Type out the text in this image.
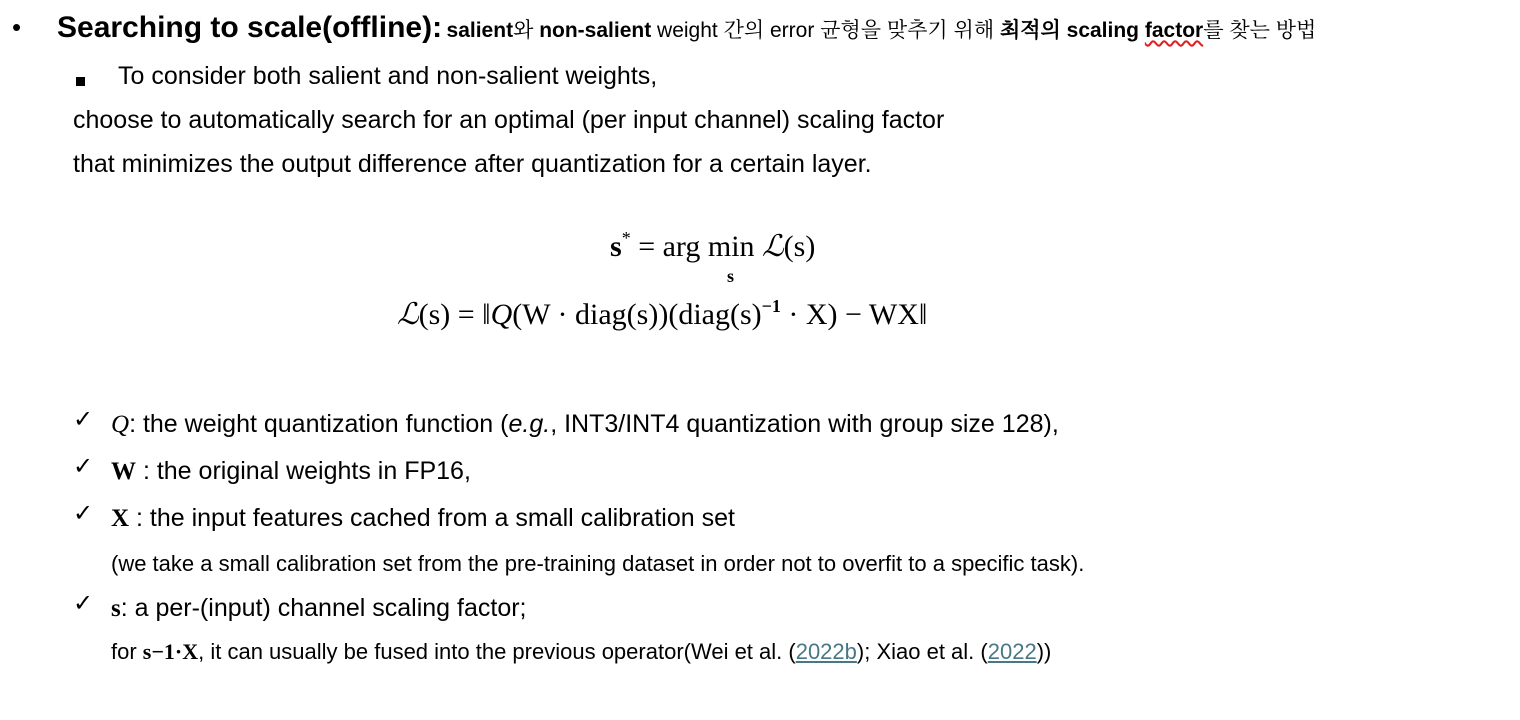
• Searching to scale(offline): salient와 non-salient weight 간의 error 균형을 맞추기 위해 최적의 scaling factor를 찾는 방법
To consider both salient and non-salient weights,
choose to automatically search for an optimal (per input channel) scaling factor
that minimizes the output difference after quantization for a certain layer.
s* = arg min ℒ(s)
s
ℒ(s) = ‖Q(W · $diag(s))(diag(s)^{-1} \cdot X)$ − WX‖
✓ Q: the weight quantization function (e.g., INT3/INT4 quantization with group size 128),
✓ W : the original weights in FP16,
✓ X : the input features cached from a small calibration set
(we take a small calibration set from the pre-training dataset in order not to overfit to a specific task).
✓ s: a per-(input) channel scaling factor;
for s−1·X, it can usually be fused into the previous operator(Wei et al. (2022b); Xiao et al. (2022))
